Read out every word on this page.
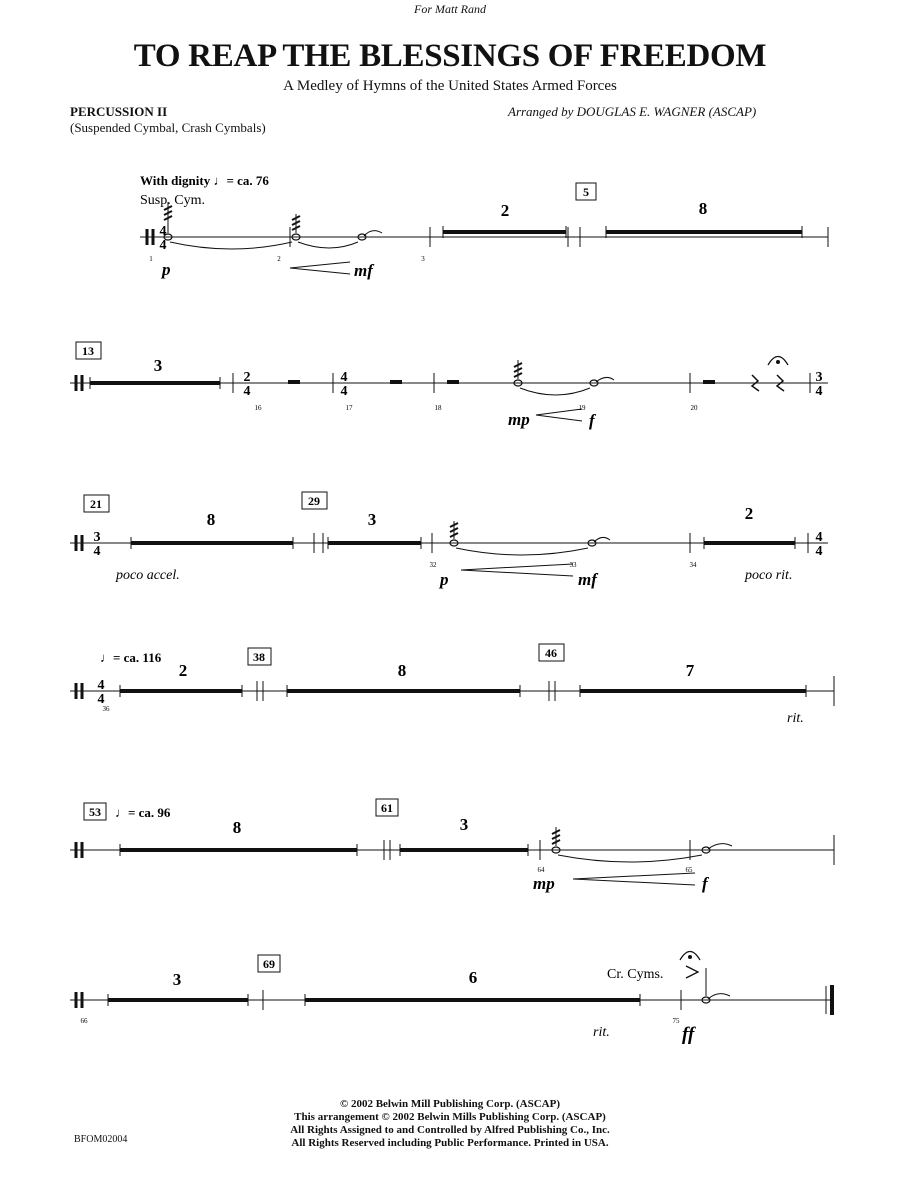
For Matt Rand
TO REAP THE BLESSINGS OF FREEDOM
A Medley of Hymns of the United States Armed Forces
PERCUSSION II
(Suspended Cymbal, Crash Cymbals)
Arranged by DOUGLAS E. WAGNER (ASCAP)
4
4
2
4
4
4
3
4
3
4
4
4
4
4
5
13
21	29
38	46
53	61
69
2	8
3
8	3	2
2	8	7
8	3
3	6
With dignity ♩= ca. 76
Susp. Cym.
♩= ca. 116
♩= ca. 96
Cr. Cyms.
1	2	3
16	17	18	19	20
32	33	34
36
64	65
66	75
p	mf
mp	f
p	mf
mp	f
ff
poco accel.	poco rit.
rit.
rit.
© 2002 Belwin Mill Publishing Corp. (ASCAP)
This arrangement © 2002 Belwin Mills Publishing Corp. (ASCAP)
All Rights Assigned to and Controlled by Alfred Publishing Co., Inc.
All Rights Reserved including Public Performance. Printed in USA.
BFOM02004
